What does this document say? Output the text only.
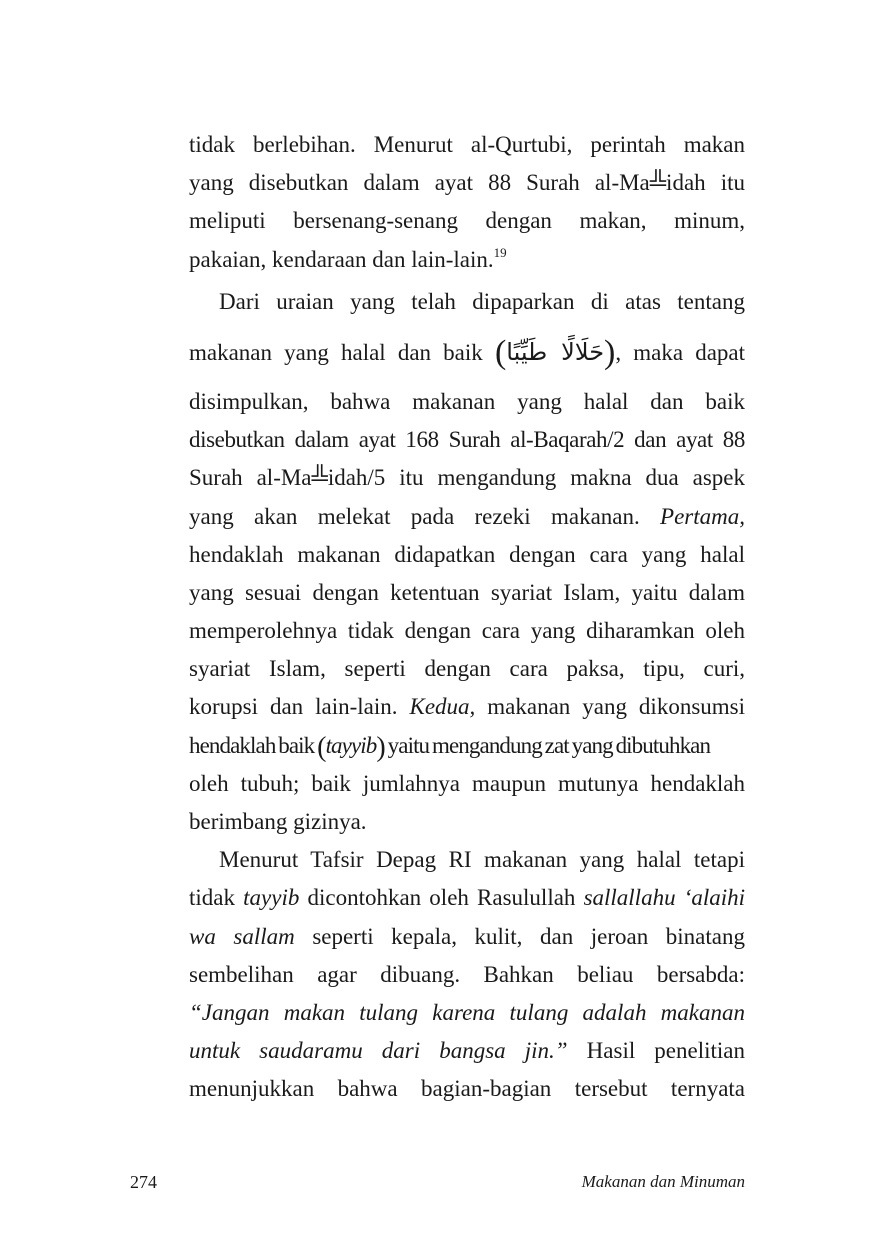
tidak berlebihan. Menurut al-Qurtubi, perintah makan
yang disebutkan dalam ayat 88 Surah al-Ma╩idah itu
meliputi bersenang-senang dengan makan, minum,
pakaian, kendaraan dan lain-lain.$^{19}$

Dari uraian yang telah dipaparkan di atas tentang
makanan yang halal dan baik (حَلَالًا طَيِّبًا), maka dapat
disimpulkan, bahwa makanan yang halal dan baik
disebutkan dalam ayat 168 Surah al-Baqarah/2 dan ayat 88
Surah al-Ma╩idah/5 itu mengandung makna dua aspek
yang akan melekat pada rezeki makanan. Pertama,
hendaklah makanan didapatkan dengan cara yang halal
yang sesuai dengan ketentuan syariat Islam, yaitu dalam
memperolehnya tidak dengan cara yang diharamkan oleh
syariat Islam, seperti dengan cara paksa, tipu, curi,
korupsi dan lain-lain. Kedua, makanan yang dikonsumsi
hendaklah baik (tayyib) yaitu mengandung zat yang dibutuhkan
oleh tubuh; baik jumlahnya maupun mutunya hendaklah
berimbang gizinya.

Menurut Tafsir Depag RI makanan yang halal tetapi
tidak tayyib dicontohkan oleh Rasulullah sallallahu ‘alaihi
wa sallam seperti kepala, kulit, dan jeroan binatang
sembelihan agar dibuang. Bahkan beliau bersabda:
“Jangan makan tulang karena tulang adalah makanan
untuk saudaramu dari bangsa jin.” Hasil penelitian
menunjukkan bahwa bagian-bagian tersebut ternyata

274	Makanan dan Minuman
